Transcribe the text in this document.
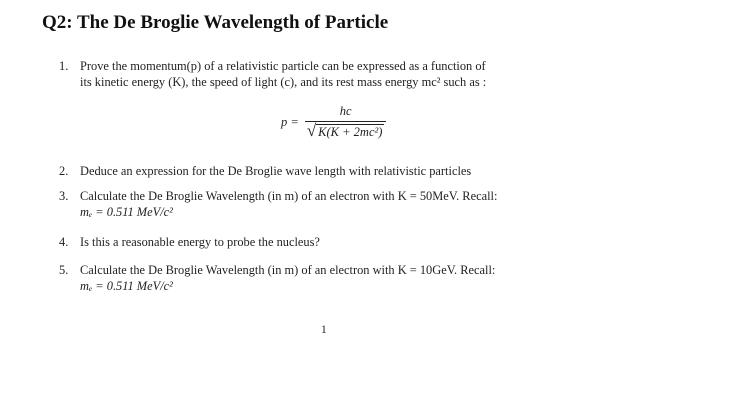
Q2: The De Broglie Wavelength of Particle
1. Prove the momentum(p) of a relativistic particle can be expressed as a function of
its kinetic energy (K), the speed of light (c), and its rest mass energy mc² such as :
$p = \frac{hc}{\text{√ K(K + 2mc²)}}$
2. Deduce an expression for the De Broglie wave length with relativistic particles
3. Calculate the De Broglie Wavelength (in m) of an electron with K = 50MeV. Recall:
mₑ = 0.511 MeV/c²
4. Is this a reasonable energy to probe the nucleus?
5. Calculate the De Broglie Wavelength (in m) of an electron with K = 10GeV. Recall:
mₑ = 0.511 MeV/c²
1
